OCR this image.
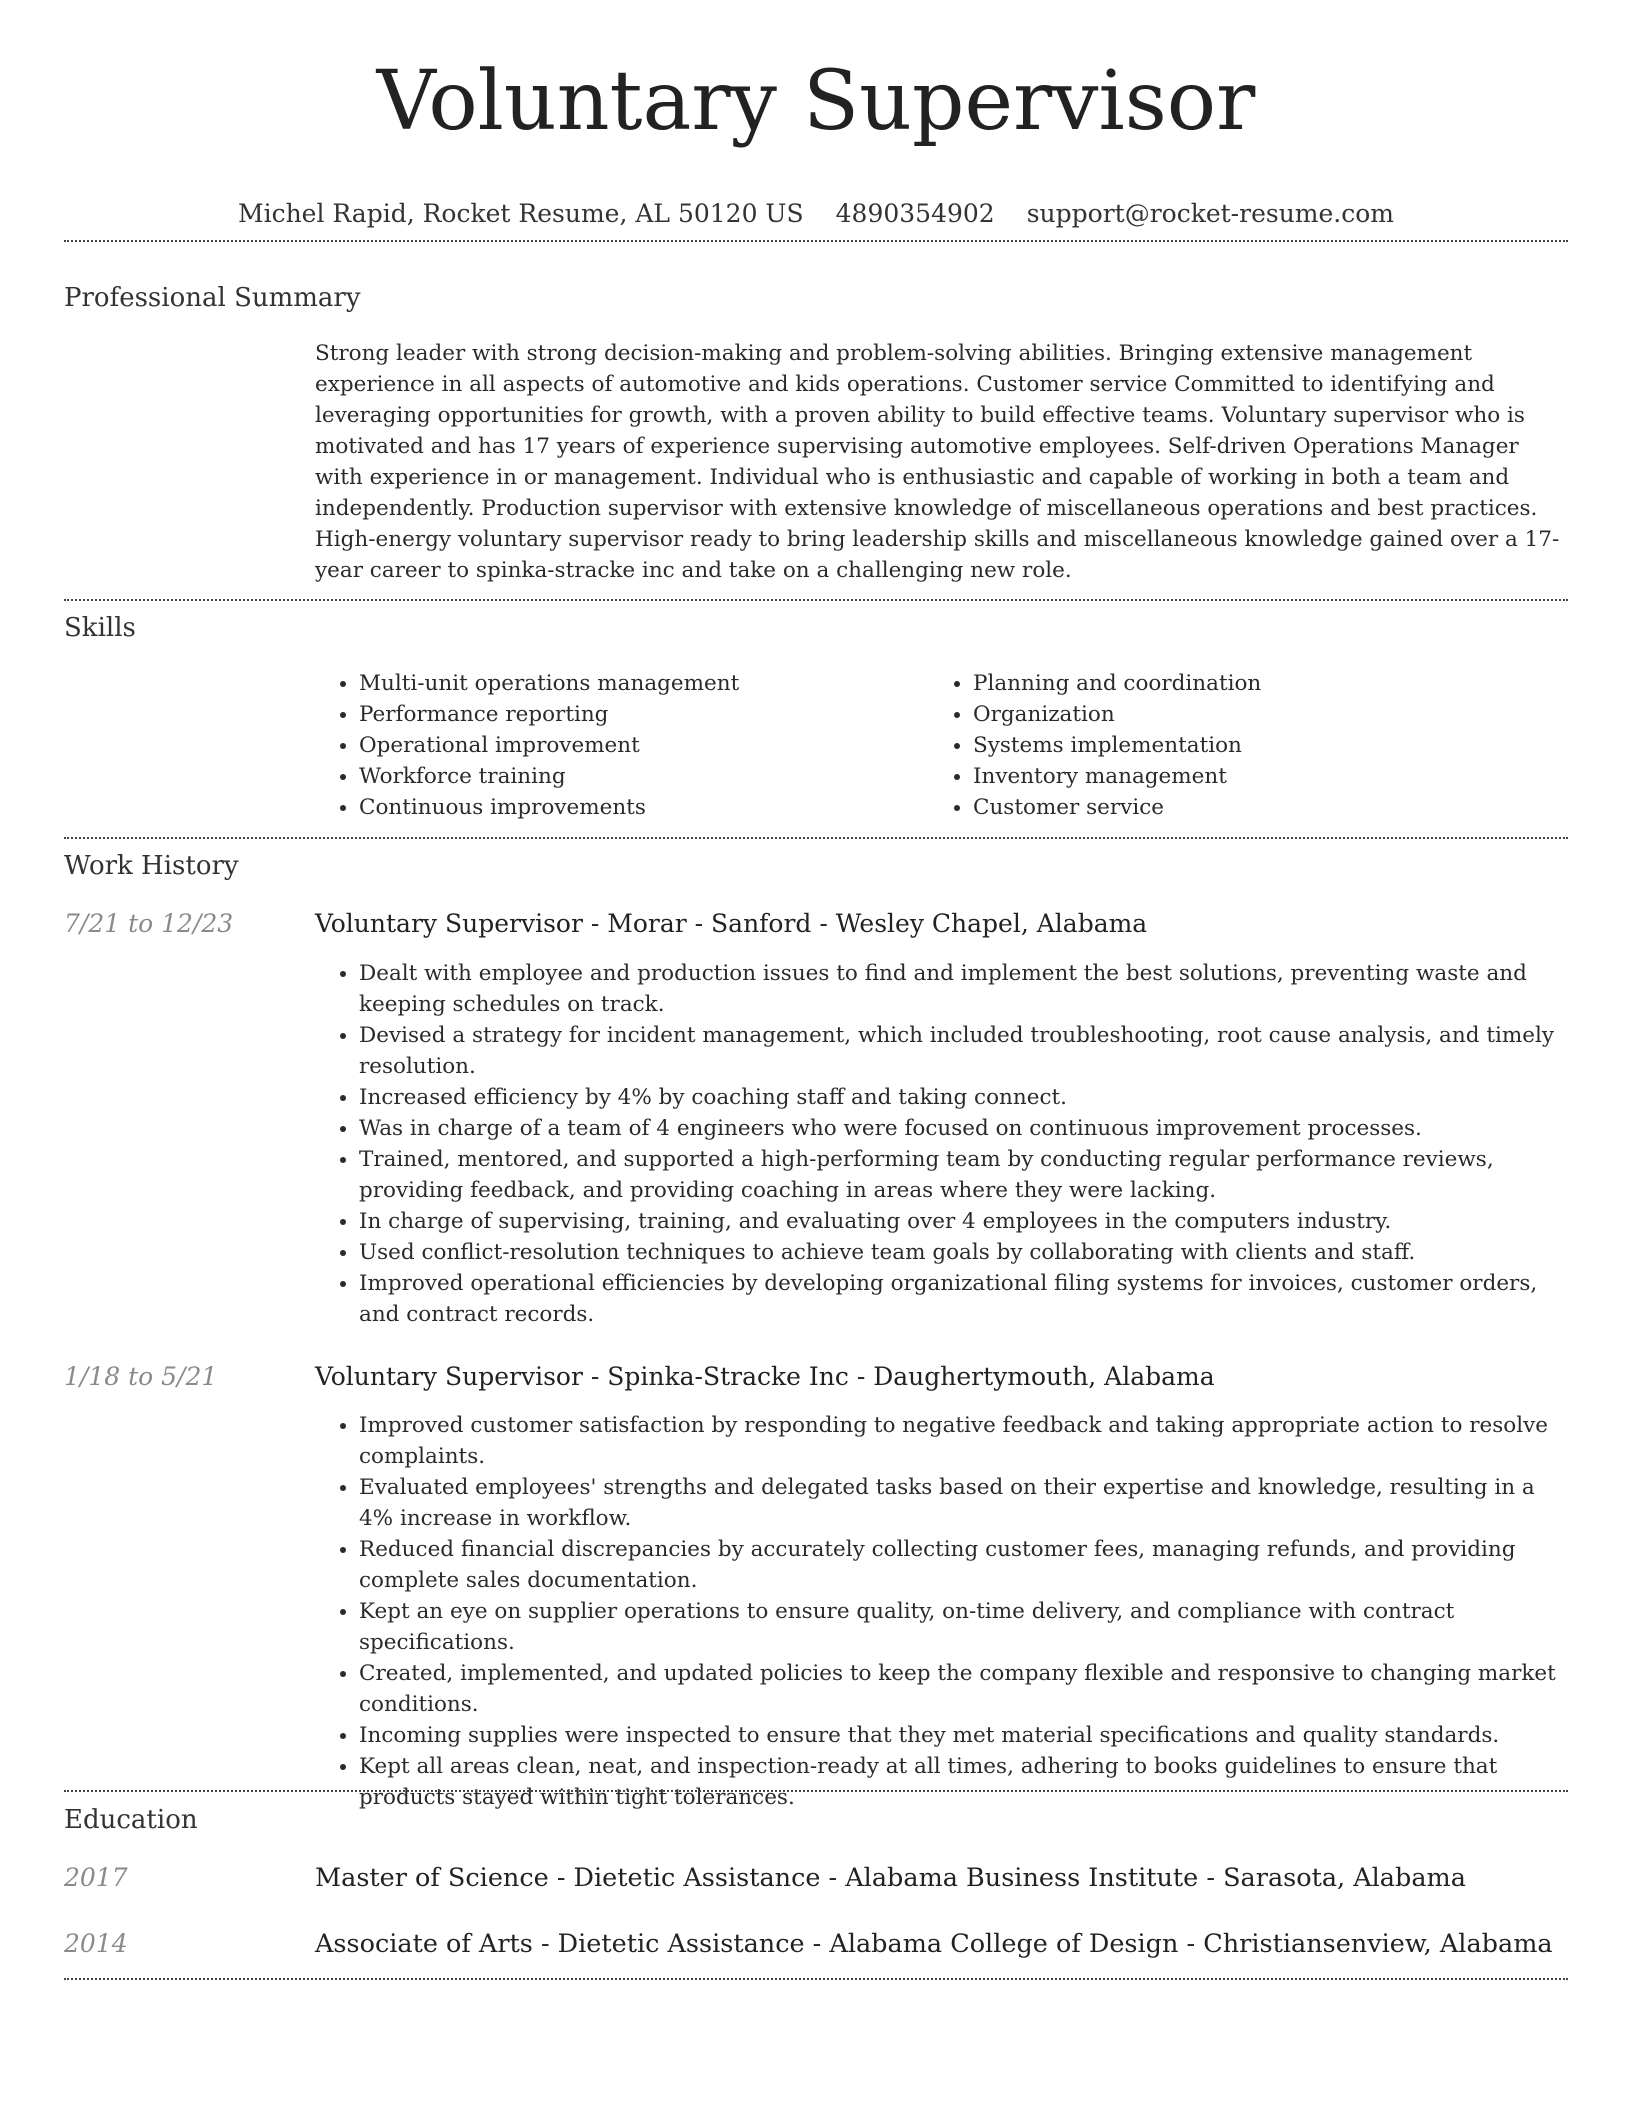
Voluntary Supervisor
Michel Rapid, Rocket Resume, AL 50120 US 4890354902 support@rocket-resume.com
Professional Summary
Strong leader with strong decision-making and problem-solving abilities. Bringing extensive management experience in all aspects of automotive and kids operations. Customer service Committed to identifying and leveraging opportunities for growth, with a proven ability to build effective teams. Voluntary supervisor who is motivated and has 17 years of experience supervising automotive employees. Self-driven Operations Manager with experience in or management. Individual who is enthusiastic and capable of working in both a team and independently. Production supervisor with extensive knowledge of miscellaneous operations and best practices. High-energy voluntary supervisor ready to bring leadership skills and miscellaneous knowledge gained over a 17-year career to spinka-stracke inc and take on a challenging new role.
Skills
• Multi-unit operations management
• Performance reporting
• Operational improvement
• Workforce training
• Continuous improvements
• Planning and coordination
• Organization
• Systems implementation
• Inventory management
• Customer service
Work History
7/21 to 12/23	Voluntary Supervisor - Morar - Sanford - Wesley Chapel, Alabama
• Dealt with employee and production issues to find and implement the best solutions, preventing waste and keeping schedules on track.
• Devised a strategy for incident management, which included troubleshooting, root cause analysis, and timely resolution.
• Increased efficiency by 4% by coaching staff and taking connect.
• Was in charge of a team of 4 engineers who were focused on continuous improvement processes.
• Trained, mentored, and supported a high-performing team by conducting regular performance reviews, providing feedback, and providing coaching in areas where they were lacking.
• In charge of supervising, training, and evaluating over 4 employees in the computers industry.
• Used conflict-resolution techniques to achieve team goals by collaborating with clients and staff.
• Improved operational efficiencies by developing organizational filing systems for invoices, customer orders, and contract records.
1/18 to 5/21	Voluntary Supervisor - Spinka-Stracke Inc - Daughertymouth, Alabama
• Improved customer satisfaction by responding to negative feedback and taking appropriate action to resolve complaints.
• Evaluated employees' strengths and delegated tasks based on their expertise and knowledge, resulting in a 4% increase in workflow.
• Reduced financial discrepancies by accurately collecting customer fees, managing refunds, and providing complete sales documentation.
• Kept an eye on supplier operations to ensure quality, on-time delivery, and compliance with contract specifications.
• Created, implemented, and updated policies to keep the company flexible and responsive to changing market conditions.
• Incoming supplies were inspected to ensure that they met material specifications and quality standards.
• Kept all areas clean, neat, and inspection-ready at all times, adhering to books guidelines to ensure that products stayed within tight tolerances.
Education
2017	Master of Science - Dietetic Assistance - Alabama Business Institute - Sarasota, Alabama
2014	Associate of Arts - Dietetic Assistance - Alabama College of Design - Christiansenview, Alabama
